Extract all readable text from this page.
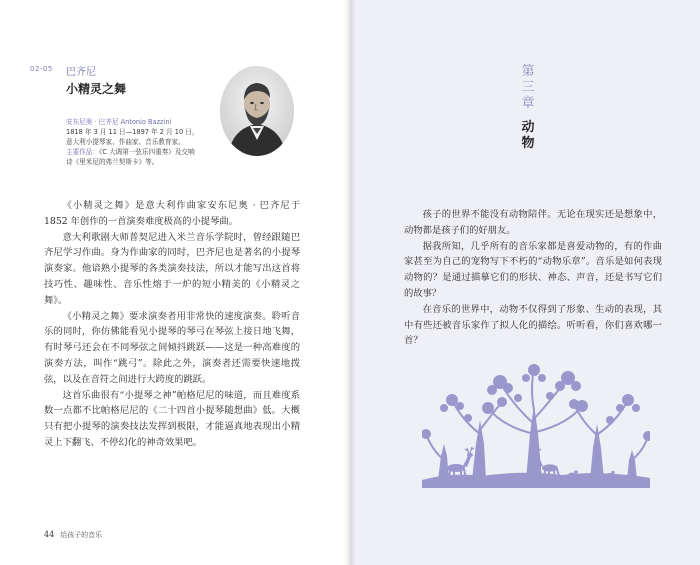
02-05 巴齐尼
小精灵之舞
安东尼奥 · 巴齐尼 Antonio Bazzini
1818 年 3 月 11 日—1897 年 2 月 10 日，
意大利小提琴家、作曲家、音乐教育家。
主要作品：《C 大调第一弦乐四重奏》及交响
诗《里米尼的弗兰契斯卡》等。

《小精灵之舞》是意大利作曲家安东尼奥 · 巴齐尼于 1852 年创作的一首演奏难度极高的小提琴曲。

意大利歌剧大师普契尼进入米兰音乐学院时，曾经跟随巴齐尼学习作曲。身为作曲家的同时，巴齐尼也是著名的小提琴演奏家。他谙熟小提琴的各类演奏技法，所以才能写出这首将技巧性、趣味性、音乐性熔于一炉的短小精美的《小精灵之舞》。

《小精灵之舞》要求演奏者用非常快的速度演奏。聆听音乐的同时，你仿佛能看见小提琴的琴弓在琴弦上接日地飞舞，有时琴弓还会在不同琴弦之间倾抖跳跃——这是一种高难度的演奏方法，叫作“跳弓”。除此之外，演奏者还需要快速地拨弦，以及在音符之间进行大跨度的跳跃。

这首乐曲很有“小提琴之神”帕格尼尼的味道，而且难度系数一点都不比帕格尼尼的《二十四首小提琴随想曲》低。大概只有把小提琴的演奏技法发挥到极限，才能逼真地表现出小精灵上下翻飞、不停幻化的神奇效果吧。

44 给孩子的音乐
第
三
章
动
物

孩子的世界不能没有动物陪伴。无论在现实还是想象中，动物都是孩子们的好朋友。

据我所知，几乎所有的音乐家都是喜爱动物的，有的作曲家甚至为自己的宠物写下不朽的“动物乐章”。音乐是如何表现动物的？是通过描摹它们的形状、神态、声音，还是书写它们的故事？

在音乐的世界中，动物不仅得到了形象、生动的表现，其中有些还被音乐家作了拟人化的描绘。听听看，你们喜欢哪一首？
